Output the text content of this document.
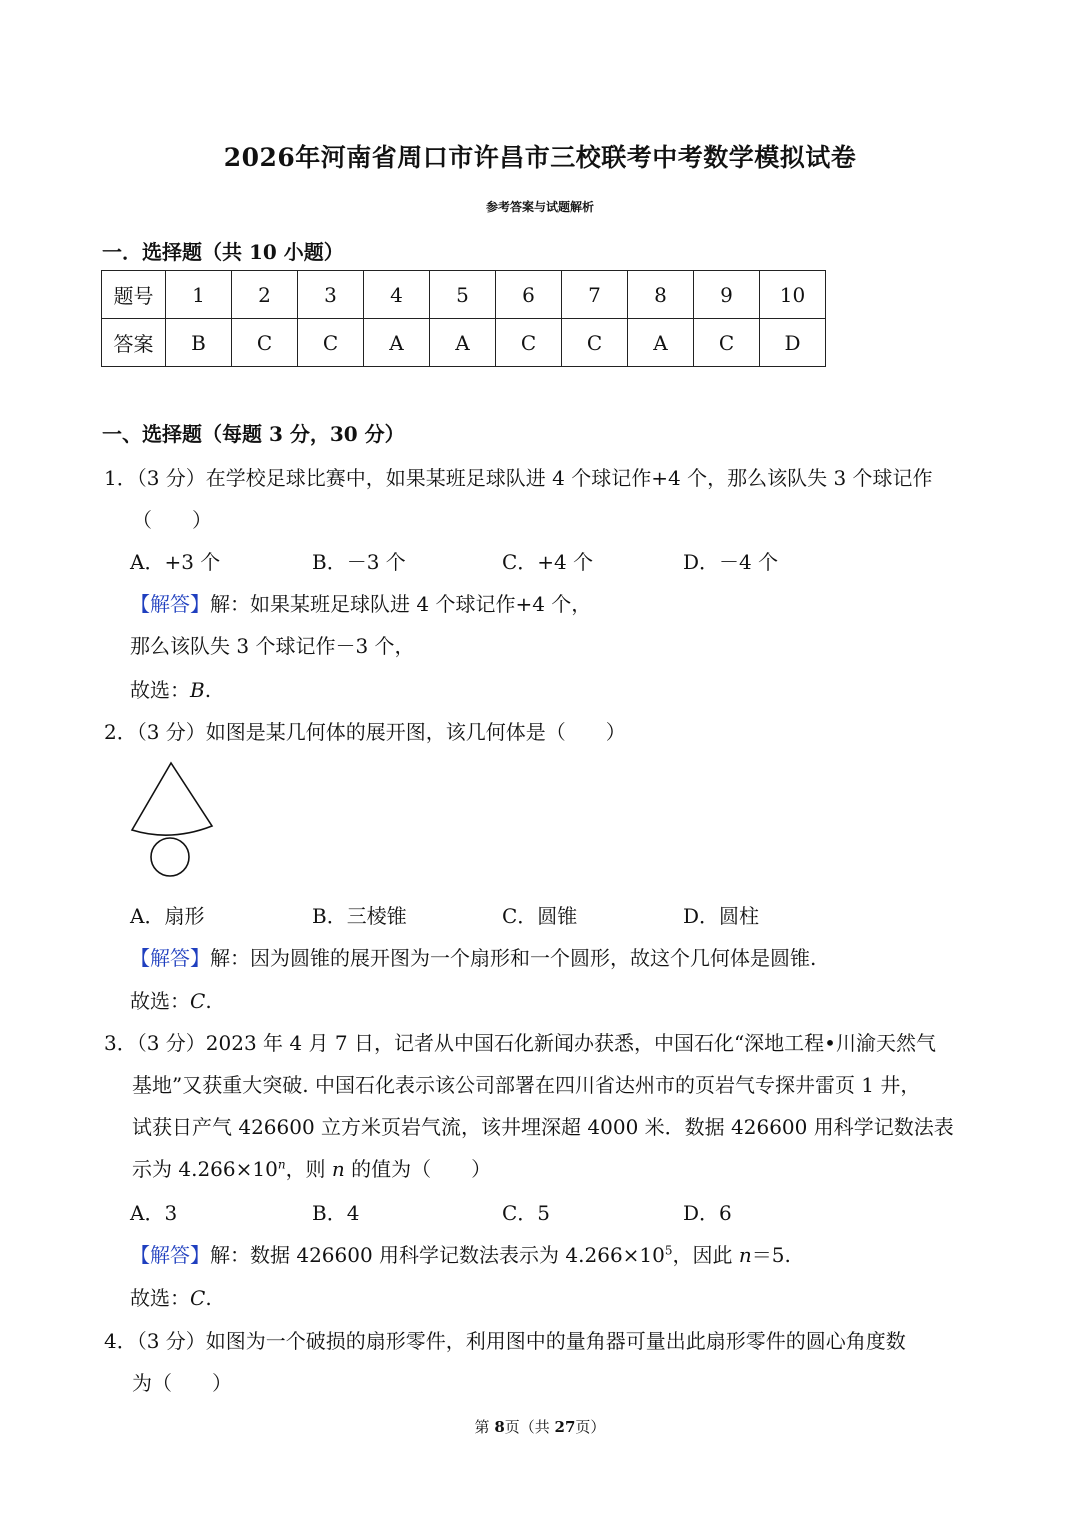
2026年河南省周口市许昌市三校联考中考数学模拟试卷
参考答案与试题解析
一．选择题（共 10 小题）
题号	1	2	3	4	5	6	7	8	9	10
答案	B	C	C	A	A	C	C	A	C	D
一、选择题（每题 3 分，30 分）
1．（3 分）在学校足球比赛中，如果某班足球队进 4 个球记作+4 个，那么该队失 3 个球记作
（　　）
A．+3 个	B．－3 个	C．+4 个	D．－4 个
【解答】解：如果某班足球队进 4 个球记作+4 个，
那么该队失 3 个球记作－3 个，
故选：B.
2．（3 分）如图是某几何体的展开图，该几何体是（　　）
A．扇形	B．三棱锥	C．圆锥	D．圆柱
【解答】解：因为圆锥的展开图为一个扇形和一个圆形，故这个几何体是圆锥.
故选：C.
3．（3 分）2023 年 4 月 7 日，记者从中国石化新闻办获悉，中国石化“深地工程•川渝天然气
基地”又获重大突破. 中国石化表示该公司部署在四川省达州市的页岩气专探井雷页 1 井，
试获日产气 426600 立方米页岩气流，该井埋深超 4000 米．数据 426600 用科学记数法表
示为 $4.266\times 10^n$，则 n 的值为（　　）
A．3	B．4	C．5	D．6
【解答】解：数据 426600 用科学记数法表示为 $4.266\times 10^5$，因此 n＝5.
故选：C.
4．（3 分）如图为一个破损的扇形零件，利用图中的量角器可量出此扇形零件的圆心角度数
为（　　）
第 8页（共 27页）
